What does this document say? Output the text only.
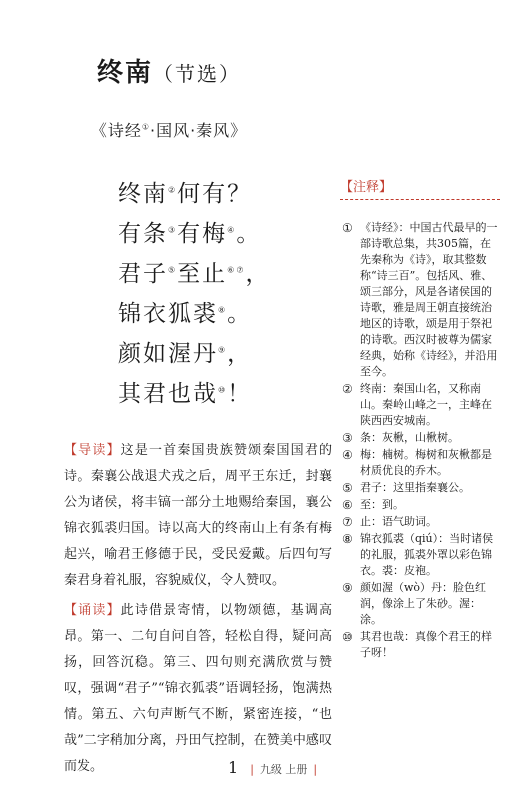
终南（节选）
《诗经①·国风·秦风》
终南②何有？
有条③有梅④。
君子⑤至止⑥⑦，
锦衣狐裘⑧。
颜如渥丹⑨，
其君也哉⑩！
【导读】这是一首秦国贵族赞颂秦国国君的诗。秦襄公战退犬戎之后，周平王东迁，封襄公为诸侯，将丰镐一部分土地赐给秦国，襄公锦衣狐裘归国。诗以高大的终南山上有条有梅起兴，喻君王修德于民，受民爱戴。后四句写秦君身着礼服，容貌威仪，令人赞叹。
【诵读】此诗借景寄情，以物颂德，基调高昂。第一、二句自问自答，轻松自得，疑问高扬，回答沉稳。第三、四句则充满欣赏与赞叹，强调“君子”“锦衣狐裘”语调轻扬，饱满热情。第五、六句声断气不断，紧密连接，“也哉”二字稍加分离，丹田气控制，在赞美中感叹而发。
【注释】
① 《诗经》：中国古代最早的一部诗歌总集，共305篇，在先秦称为《诗》，取其整数称“诗三百”。包括风、雅、颂三部分，风是各诸侯国的诗歌，雅是周王朝直接统治地区的诗歌，颂是用于祭祀的诗歌。西汉时被尊为儒家经典，始称《诗经》，并沿用至今。
② 终南：秦国山名，又称南山。秦岭山峰之一，主峰在陕西西安城南。
③ 条：灰楸，山楸树。
④ 梅：楠树。梅树和灰楸都是材质优良的乔木。
⑤ 君子：这里指秦襄公。
⑥ 至：到。
⑦ 止：语气助词。
⑧ 锦衣狐裘（qiú）：当时诸侯的礼服，狐裘外罩以彩色锦衣。裘：皮袍。
⑨ 颜如渥（wò）丹：脸色红润，像涂上了朱砂。渥：涂。
⑩ 其君也哉：真像个君王的样子呀！
1 | 九级 上册 |
